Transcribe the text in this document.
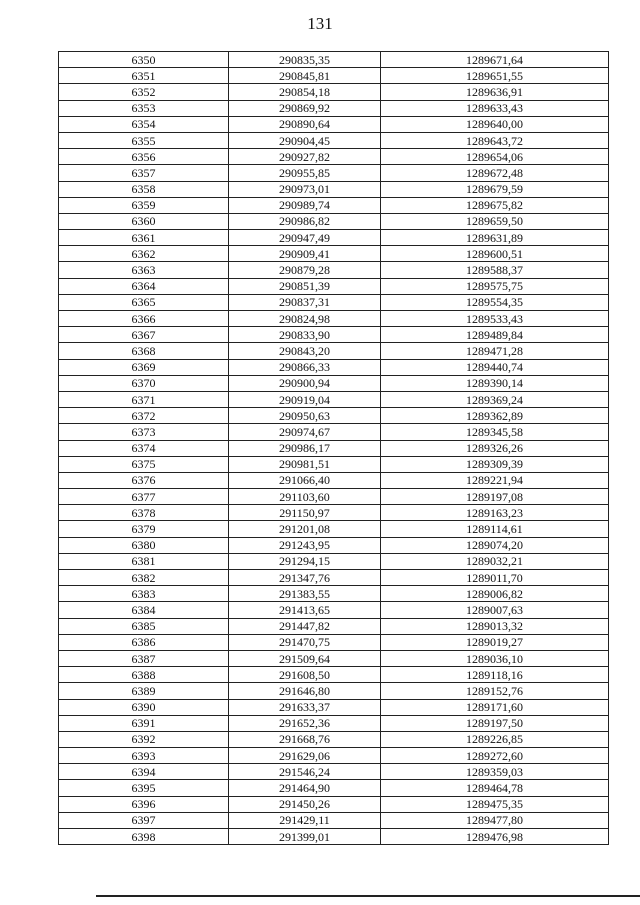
131
6350	290835,35	1289671,64
6351	290845,81	1289651,55
6352	290854,18	1289636,91
6353	290869,92	1289633,43
6354	290890,64	1289640,00
6355	290904,45	1289643,72
6356	290927,82	1289654,06
6357	290955,85	1289672,48
6358	290973,01	1289679,59
6359	290989,74	1289675,82
6360	290986,82	1289659,50
6361	290947,49	1289631,89
6362	290909,41	1289600,51
6363	290879,28	1289588,37
6364	290851,39	1289575,75
6365	290837,31	1289554,35
6366	290824,98	1289533,43
6367	290833,90	1289489,84
6368	290843,20	1289471,28
6369	290866,33	1289440,74
6370	290900,94	1289390,14
6371	290919,04	1289369,24
6372	290950,63	1289362,89
6373	290974,67	1289345,58
6374	290986,17	1289326,26
6375	290981,51	1289309,39
6376	291066,40	1289221,94
6377	291103,60	1289197,08
6378	291150,97	1289163,23
6379	291201,08	1289114,61
6380	291243,95	1289074,20
6381	291294,15	1289032,21
6382	291347,76	1289011,70
6383	291383,55	1289006,82
6384	291413,65	1289007,63
6385	291447,82	1289013,32
6386	291470,75	1289019,27
6387	291509,64	1289036,10
6388	291608,50	1289118,16
6389	291646,80	1289152,76
6390	291633,37	1289171,60
6391	291652,36	1289197,50
6392	291668,76	1289226,85
6393	291629,06	1289272,60
6394	291546,24	1289359,03
6395	291464,90	1289464,78
6396	291450,26	1289475,35
6397	291429,11	1289477,80
6398	291399,01	1289476,98
